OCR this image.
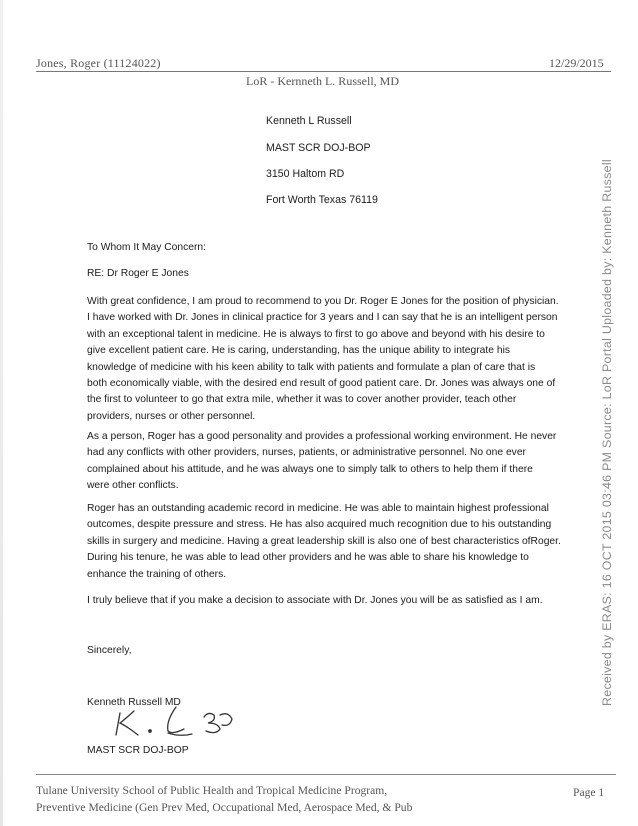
Jones, Roger (11124022)	12/29/2015
LoR - Kernneth L. Russell, MD
Kenneth L Russell
MAST SCR DOJ-BOP
3150 Haltom RD
Fort Worth Texas 76119
To Whom It May Concern:
RE: Dr Roger E Jones
With great confidence, I am proud to recommend to you Dr. Roger E Jones for the position of physician.
I have worked with Dr. Jones in clinical practice for 3 years and I can say that he is an intelligent person
with an exceptional talent in medicine. He is always to first to go above and beyond with his desire to
give excellent patient care. He is caring, understanding, has the unique ability to integrate his
knowledge of medicine with his keen ability to talk with patients and formulate a plan of care that is
both economically viable, with the desired end result of good patient care. Dr. Jones was always one of
the first to volunteer to go that extra mile, whether it was to cover another provider, teach other
providers, nurses or other personnel.
As a person, Roger has a good personality and provides a professional working environment. He never
had any conflicts with other providers, nurses, patients, or administrative personnel. No one ever
complained about his attitude, and he was always one to simply talk to others to help them if there
were other conflicts.
Roger has an outstanding academic record in medicine. He was able to maintain highest professional
outcomes, despite pressure and stress. He has also acquired much recognition due to his outstanding
skills in surgery and medicine. Having a great leadership skill is also one of best characteristics ofRoger.
During his tenure, he was able to lead other providers and he was able to share his knowledge to
enhance the training of others.
I truly believe that if you make a decision to associate with Dr. Jones you will be as satisfied as I am.
Sincerely,
Kenneth Russell MD
MAST SCR DOJ-BOP
Received by ERAS: 16 OCT 2015 03:46 PM Source: LoR Portal Uploaded by: Kenneth Russell
Tulane University School of Public Health and Tropical Medicine Program,
Preventive Medicine (Gen Prev Med, Occupational Med, Aerospace Med, & Pub
Page 1
